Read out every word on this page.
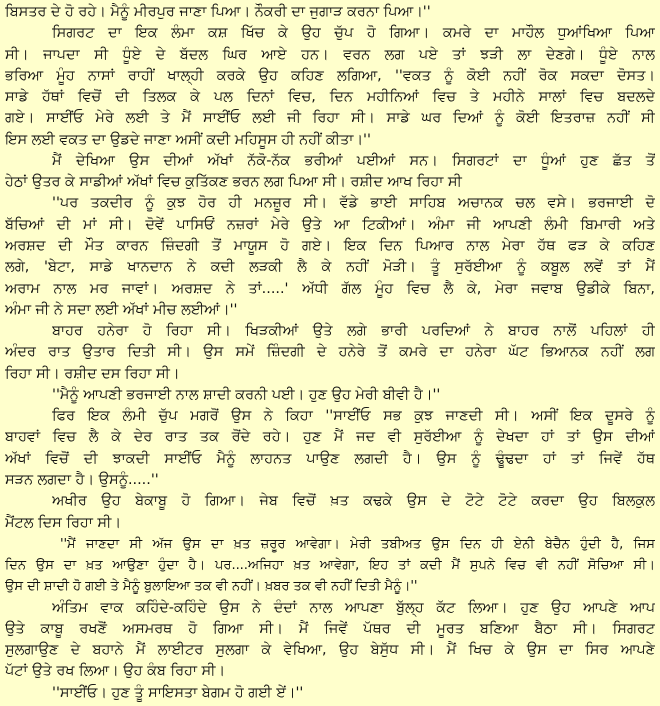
ਬਿਸਤਰ ਦੇ ਹੋ ਰਹੇ। ਮੈਨੂੰ ਮੀਰਪੁਰ ਜਾਣਾ ਪਿਆ। ਨੌਕਰੀ ਦਾ ਜੁਗਾੜ ਕਰਨਾ ਪਿਆ।''
ਸਿਗਰਟ ਦਾ ਇਕ ਲੰਮਾ ਕਸ਼ ਖਿੱਚ ਕੇ ਉਹ ਚੁੱਪ ਹੋ ਗਿਆ। ਕਮਰੇ ਦਾ ਮਾਹੌਲ ਧੁਆਂਖਿਆ ਪਿਆ
ਸੀ। ਜਾਪਦਾ ਸੀ ਧੂੰਏ ਦੇ ਬੱਦਲ ਘਿਰ ਆਏ ਹਨ। ਵਰਨ ਲਗ ਪਏ ਤਾਂ ਝੜੀ ਲਾ ਦੇਣਗੇ। ਧੂੰਏ ਨਾਲ
ਭਰਿਆ ਮੂੰਹ ਨਾਸਾਂ ਰਾਹੀਂ ਖਾਲ੍ਹੀ ਕਰਕੇ ਉਹ ਕਹਿਣ ਲਗਿਆ, ''ਵਕਤ ਨੂੰ ਕੋਈ ਨਹੀਂ ਰੋਕ ਸਕਦਾ ਦੋਸਤ।
ਸਾਡੇ ਹੱਥਾਂ ਵਿਚੋਂ ਦੀ ਤਿਲਕ ਕੇ ਪਲ ਦਿਨਾਂ ਵਿਚ, ਦਿਨ ਮਹੀਨਿਆਂ ਵਿਚ ਤੇ ਮਹੀਨੇ ਸਾਲਾਂ ਵਿਚ ਬਦਲਦੇ
ਗਏ। ਸਾਈਂਓ ਮੇਰੇ ਲਈ ਤੇ ਮੈਂ ਸਾਈਂਓ ਲਈ ਜੀ ਰਿਹਾ ਸੀ। ਸਾਡੇ ਘਰ ਦਿਆਂ ਨੂੰ ਕੋਈ ਇਤਰਾਜ਼ ਨਹੀਂ ਸੀ
ਇਸ ਲਈ ਵਕਤ ਦਾ ਉਡਦੇ ਜਾਣਾ ਅਸੀਂ ਕਦੀ ਮਹਿਸੂਸ ਹੀ ਨਹੀਂ ਕੀਤਾ।''
ਮੈਂ ਦੇਖਿਆ ਉਸ ਦੀਆਂ ਅੱਖਾਂ ਨੱਕੋ-ਨੱਕ ਭਰੀਆਂ ਪਈਆਂ ਸਨ। ਸਿਗਰਟਾਂ ਦਾ ਧੂੰਆਂ ਹੁਣ ਛੱਤ ਤੋਂ
ਹੇਠਾਂ ਉਤਰ ਕੇ ਸਾਡੀਆਂ ਅੱਖਾਂ ਵਿਚ ਕੁਤਿੱਕਣ ਭਰਨ ਲਗ ਪਿਆ ਸੀ। ਰਸ਼ੀਦ ਆਖ ਰਿਹਾ ਸੀ
''ਪਰ ਤਕਦੀਰ ਨੂੰ ਕੁਝ ਹੋਰ ਹੀ ਮਨਜ਼ੂਰ ਸੀ। ਵੱਡੇ ਭਾਈ ਸਾਹਿਬ ਅਚਾਨਕ ਚਲ ਵਸੇ। ਭਰਜਾਈ ਦੋ
ਬੱਚਿਆਂ ਦੀ ਮਾਂ ਸੀ। ਦੋਵੇਂ ਪਾਸਿਓਂ ਨਜ਼ਰਾਂ ਮੇਰੇ ਉਤੇ ਆ ਟਿਕੀਆਂ। ਅੰਮਾ ਜੀ ਆਪਣੀ ਲੰਮੀ ਬਿਮਾਰੀ ਅਤੇ
ਅਰਸ਼ਦ ਦੀ ਮੌਤ ਕਾਰਨ ਜ਼ਿੰਦਗੀ ਤੋਂ ਮਾਯੂਸ ਹੋ ਗਏ। ਇਕ ਦਿਨ ਪਿਆਰ ਨਾਲ ਮੇਰਾ ਹੱਥ ਫੜ ਕੇ ਕਹਿਣ
ਲਗੇ, 'ਬੇਟਾ, ਸਾਡੇ ਖਾਨਦਾਨ ਨੇ ਕਦੀ ਲੜਕੀ ਲੈ ਕੇ ਨਹੀਂ ਮੋੜੀ। ਤੂੰ ਸੁਰੱਈਆ ਨੂੰ ਕਬੂਲ ਲਵੇਂ ਤਾਂ ਮੈਂ
ਅਰਾਮ ਨਾਲ ਮਰ ਜਾਵਾਂ। ਅਰਸ਼ਦ ਨੇ ਤਾਂ.....' ਅੱਧੀ ਗੱਲ ਮੂੰਹ ਵਿਚ ਲੈ ਕੇ, ਮੇਰਾ ਜਵਾਬ ਉਡੀਕੇ ਬਿਨਾ,
ਅੰਮਾ ਜੀ ਨੇ ਸਦਾ ਲਈ ਅੱਖਾਂ ਮੀਚ ਲਈਆਂ।''
ਬਾਹਰ ਹਨੇਰਾ ਹੋ ਰਿਹਾ ਸੀ। ਖਿੜਕੀਆਂ ਉਤੇ ਲਗੇ ਭਾਰੀ ਪਰਦਿਆਂ ਨੇ ਬਾਹਰ ਨਾਲੋਂ ਪਹਿਲਾਂ ਹੀ
ਅੰਦਰ ਰਾਤ ਉਤਾਰ ਦਿਤੀ ਸੀ। ਉਸ ਸਮੇਂ ਜ਼ਿੰਦਗੀ ਦੇ ਹਨੇਰੇ ਤੋਂ ਕਮਰੇ ਦਾ ਹਨੇਰਾ ਘੱਟ ਭਿਆਨਕ ਨਹੀਂ ਲਗ
ਰਿਹਾ ਸੀ। ਰਸ਼ੀਦ ਦਸ ਰਿਹਾ ਸੀ।
''ਮੈਨੂੰ ਆਪਣੀ ਭਰਜਾਈ ਨਾਲ ਸ਼ਾਦੀ ਕਰਨੀ ਪਈ। ਹੁਣ ਉਹ ਮੇਰੀ ਬੀਵੀ ਹੈ।''
ਫਿਰ ਇਕ ਲੰਮੀ ਚੁੱਪ ਮਗਰੋਂ ਉਸ ਨੇ ਕਿਹਾ ''ਸਾਈਂਓ ਸਭ ਕੁਝ ਜਾਣਦੀ ਸੀ। ਅਸੀਂ ਇਕ ਦੂਸਰੇ ਨੂੰ
ਬਾਹਵਾਂ ਵਿਚ ਲੈ ਕੇ ਦੇਰ ਰਾਤ ਤਕ ਰੋਂਦੇ ਰਹੇ। ਹੁਣ ਮੈਂ ਜਦ ਵੀ ਸੁਰੱਈਆ ਨੂੰ ਦੇਖਦਾ ਹਾਂ ਤਾਂ ਉਸ ਦੀਆਂ
ਅੱਖਾਂ ਵਿਚੋਂ ਦੀ ਝਾਕਦੀ ਸਾਈਂਓ ਮੈਨੂੰ ਲਾਹਨਤ ਪਾਉਣ ਲਗਦੀ ਹੈ। ਉਸ ਨੂੰ ਢੂੰਢਦਾ ਹਾਂ ਤਾਂ ਜਿਵੇਂ ਹੱਥ
ਸੜਨ ਲਗਦਾ ਹੈ। ਉਸਨੂੰ.....''
ਅਖੀਰ ਉਹ ਬੇਕਾਬੂ ਹੋ ਗਿਆ। ਜੇਬ ਵਿਚੋਂ ਖ਼ਤ ਕਢਕੇ ਉਸ ਦੇ ਟੋਟੇ ਟੋਟੇ ਕਰਦਾ ਉਹ ਬਿਲਕੁਲ
ਮੈਂਟਲ ਦਿਸ ਰਿਹਾ ਸੀ।
''ਮੈਂ ਜਾਣਦਾ ਸੀ ਅੱਜ ਉਸ ਦਾ ਖ਼ਤ ਜ਼ਰੂਰ ਆਵੇਗਾ। ਮੇਰੀ ਤਬੀਅਤ ਉਸ ਦਿਨ ਹੀ ਏਨੀ ਬੇਚੈਨ ਹੁੰਦੀ ਹੈ, ਜਿਸ
ਦਿਨ ਉਸ ਦਾ ਖ਼ਤ ਆਉਣਾ ਹੁੰਦਾ ਹੈ। ਪਰ....ਅਜਿਹਾ ਖ਼ਤ ਆਵੇਗਾ, ਇਹ ਤਾਂ ਕਦੀ ਮੈਂ ਸੁਪਨੇ ਵਿਚ ਵੀ ਨਹੀਂ ਸੋਚਿਆ ਸੀ।
ਉਸ ਦੀ ਸ਼ਾਦੀ ਹੋ ਗਈ ਤੇ ਮੈਨੂੰ ਬੁਲਾਇਆ ਤਕ ਵੀ ਨਹੀਂ। ਖ਼ਬਰ ਤਕ ਵੀ ਨਹੀਂ ਦਿਤੀ ਮੈਨੂੰ।''
ਅੰਤਿਮ ਵਾਕ ਕਹਿੰਦੇ-ਕਹਿੰਦੇ ਉਸ ਨੇ ਦੰਦਾਂ ਨਾਲ ਆਪਣਾ ਬੁੱਲ੍ਹ ਕੱਟ ਲਿਆ। ਹੁਣ ਉਹ ਆਪਣੇ ਆਪ
ਉਤੇ ਕਾਬੂ ਰਖਣੋਂ ਅਸਮਰਥ ਹੋ ਗਿਆ ਸੀ। ਮੈਂ ਜਿਵੇਂ ਪੱਥਰ ਦੀ ਮੂਰਤ ਬਣਿਆ ਬੈਠਾ ਸੀ। ਸਿਗਰਟ
ਸੁਲਗਾਉਣ ਦੇ ਬਹਾਨੇ ਮੈਂ ਲਾਈਟਰ ਸੁਲਗਾ ਕੇ ਵੇਖਿਆ, ਉਹ ਬੇਸੁੱਧ ਸੀ। ਮੈਂ ਖਿਚ ਕੇ ਉਸ ਦਾ ਸਿਰ ਆਪਣੇ
ਪੱਟਾਂ ਉਤੇ ਰਖ ਲਿਆ। ਉਹ ਕੰਬ ਰਿਹਾ ਸੀ।
''ਸਾਈਂਓ। ਹੁਣ ਤੂੰ ਸਾਇਸਤਾ ਬੇਗਮ ਹੋ ਗਈ ਏਂ।''
